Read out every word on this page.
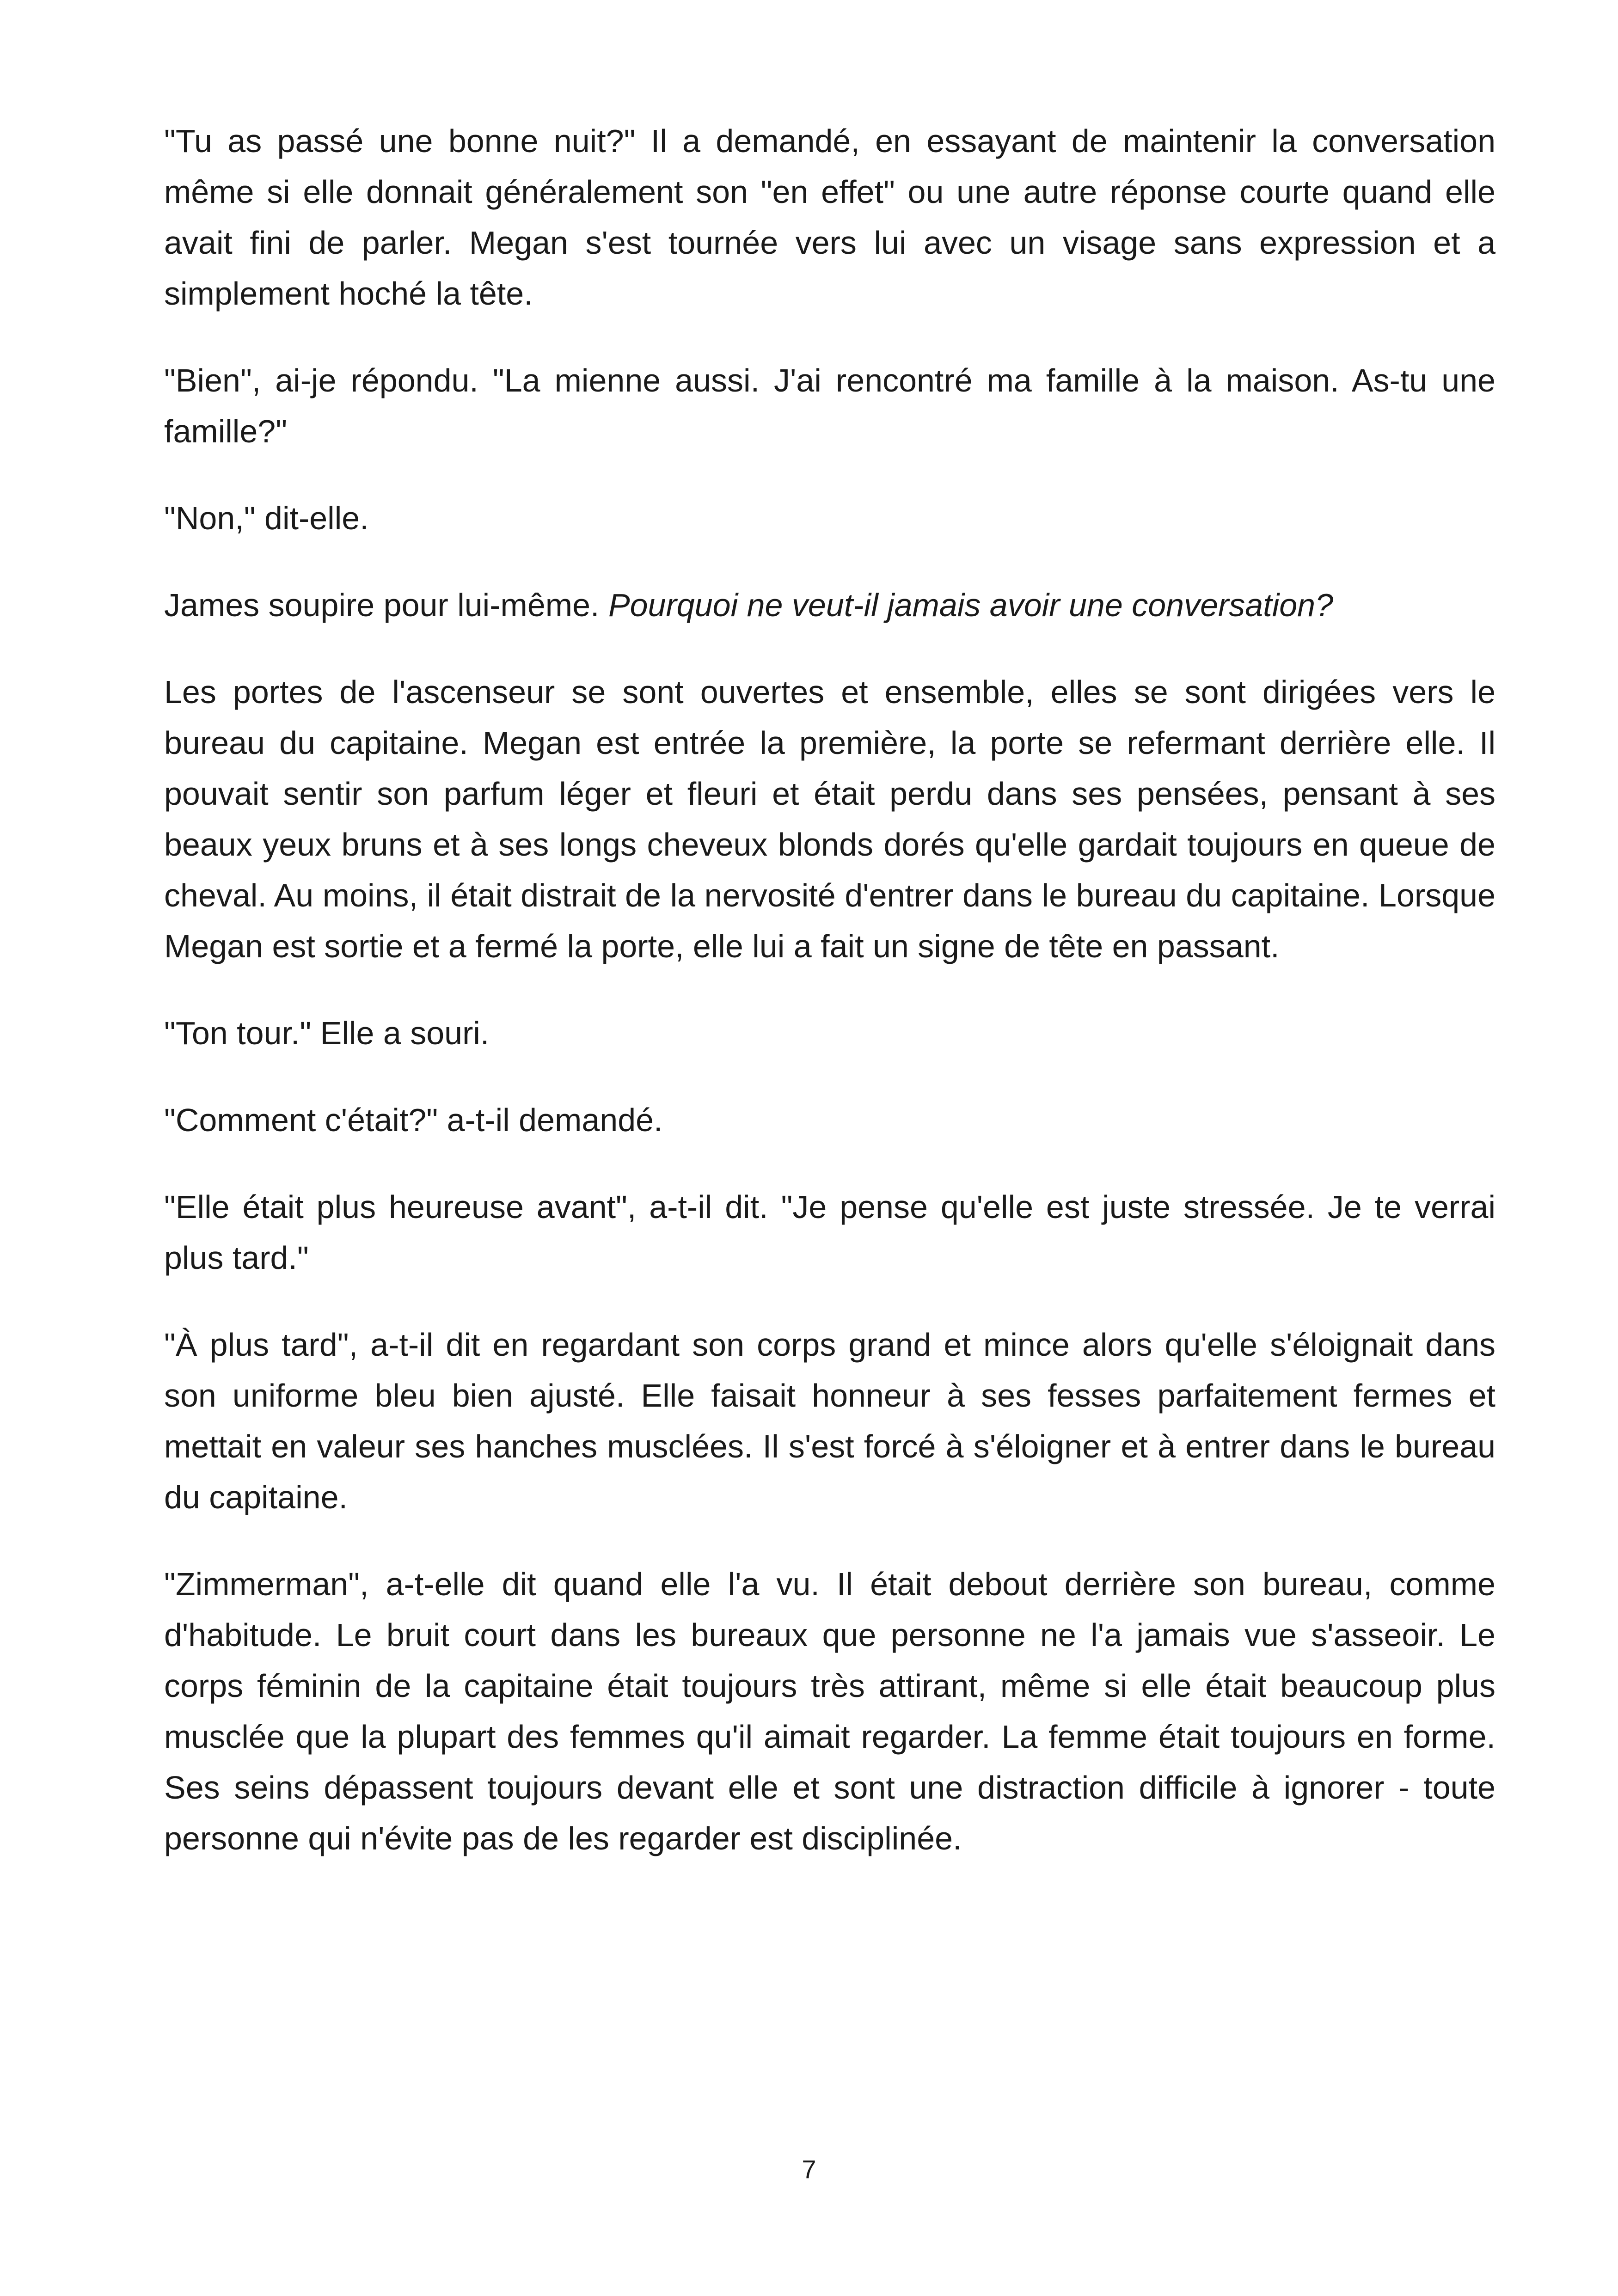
"Tu as passé une bonne nuit?" Il a demandé, en essayant de maintenir la conversation même si elle donnait généralement son "en effet" ou une autre réponse courte quand elle avait fini de parler. Megan s'est tournée vers lui avec un visage sans expression et a simplement hoché la tête.

"Bien", ai-je répondu. "La mienne aussi. J'ai rencontré ma famille à la maison. As-tu une famille?"

"Non," dit-elle.

James soupire pour lui-même. Pourquoi ne veut-il jamais avoir une conversation?

Les portes de l'ascenseur se sont ouvertes et ensemble, elles se sont dirigées vers le bureau du capitaine. Megan est entrée la première, la porte se refermant derrière elle. Il pouvait sentir son parfum léger et fleuri et était perdu dans ses pensées, pensant à ses beaux yeux bruns et à ses longs cheveux blonds dorés qu'elle gardait toujours en queue de cheval. Au moins, il était distrait de la nervosité d'entrer dans le bureau du capitaine. Lorsque Megan est sortie et a fermé la porte, elle lui a fait un signe de tête en passant.

"Ton tour." Elle a souri.

"Comment c'était?" a-t-il demandé.

"Elle était plus heureuse avant", a-t-il dit. "Je pense qu'elle est juste stressée. Je te verrai plus tard."

"À plus tard", a-t-il dit en regardant son corps grand et mince alors qu'elle s'éloignait dans son uniforme bleu bien ajusté. Elle faisait honneur à ses fesses parfaitement fermes et mettait en valeur ses hanches musclées. Il s'est forcé à s'éloigner et à entrer dans le bureau du capitaine.

"Zimmerman", a-t-elle dit quand elle l'a vu. Il était debout derrière son bureau, comme d'habitude. Le bruit court dans les bureaux que personne ne l'a jamais vue s'asseoir. Le corps féminin de la capitaine était toujours très attirant, même si elle était beaucoup plus musclée que la plupart des femmes qu'il aimait regarder. La femme était toujours en forme. Ses seins dépassent toujours devant elle et sont une distraction difficile à ignorer - toute personne qui n'évite pas de les regarder est disciplinée.

7
